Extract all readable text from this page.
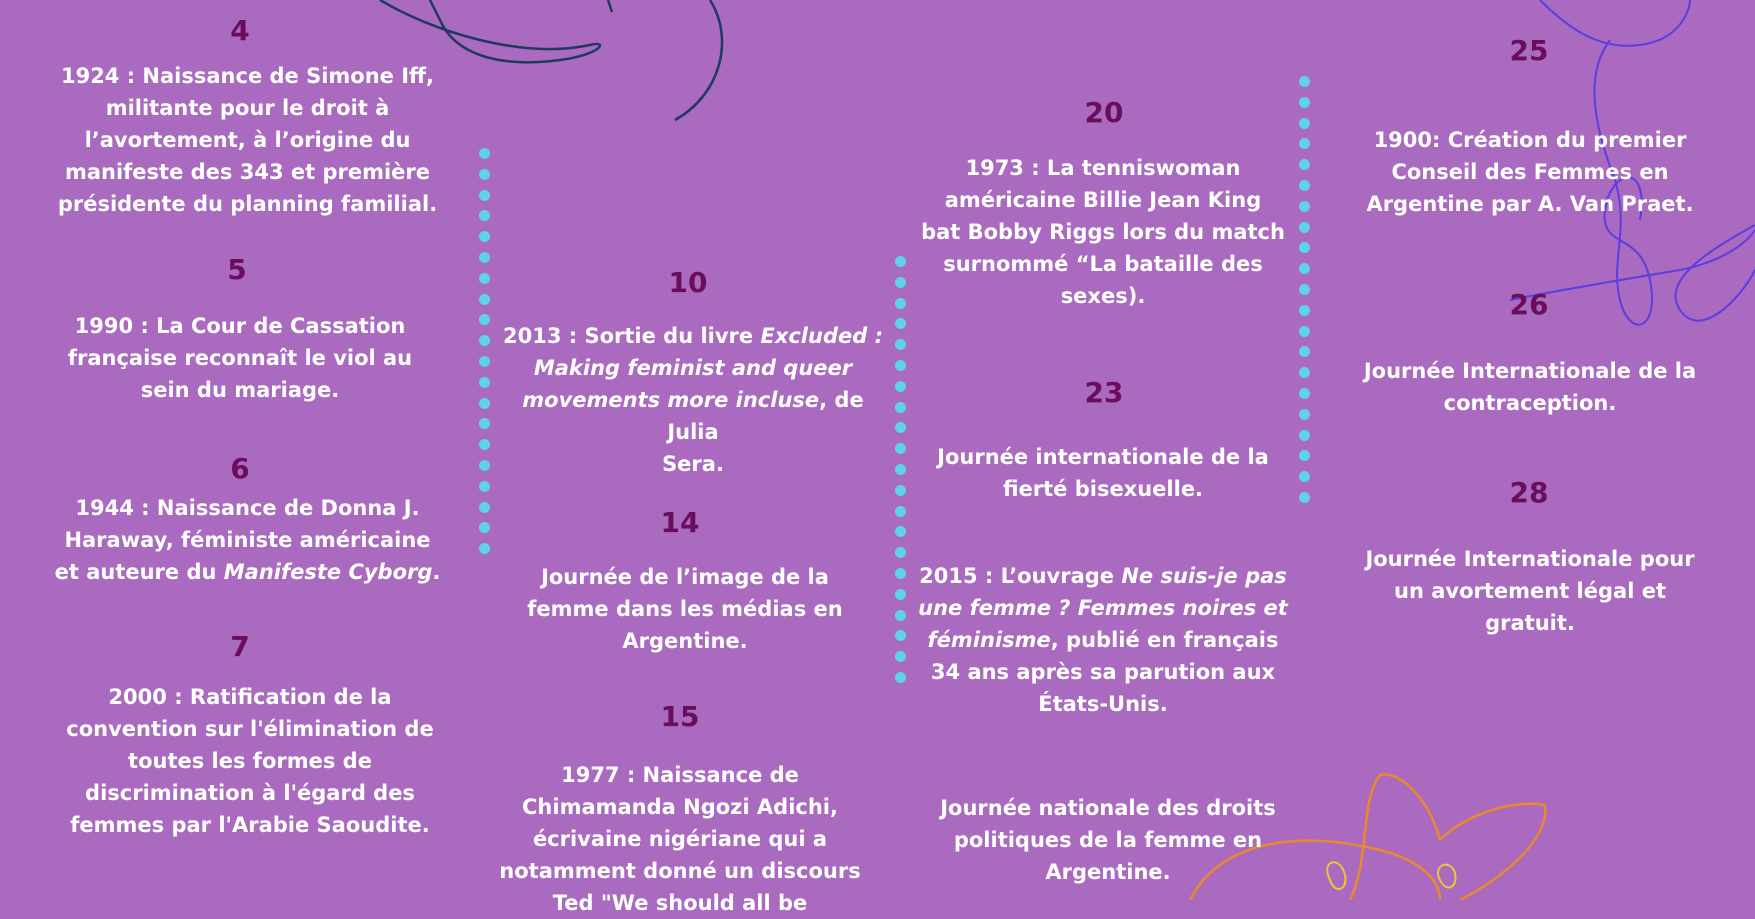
4
1924 : Naissance de Simone Iff,
militante pour le droit à
l’avortement, à l’origine du
manifeste des 343 et première
présidente du planning familial.
5
1990 : La Cour de Cassation
française reconnaît le viol au
sein du mariage.
6
1944 : Naissance de Donna J.
Haraway, féministe américaine
et auteure du Manifeste Cyborg.
7
2000 : Ratification de la
convention sur l'élimination de
toutes les formes de
discrimination à l'égard des
femmes par l'Arabie Saoudite.
10
2013 : Sortie du livre Excluded :
Making feminist and queer
movements more incluse, de Julia
Sera.
14
Journée de l’image de la
femme dans les médias en
Argentine.
15
1977 : Naissance de
Chimamanda Ngozi Adichi,
écrivaine nigériane qui a
notamment donné un discours
Ted "We should all be
20
1973 : La tenniswoman
américaine Billie Jean King
bat Bobby Riggs lors du match
surnommé “La bataille des
sexes).
23
Journée internationale de la
fierté bisexuelle.
2015 : L’ouvrage Ne suis-je pas
une femme ? Femmes noires et
féminisme, publié en français
34 ans après sa parution aux
États-Unis.
Journée nationale des droits
politiques de la femme en
Argentine.
25
1900: Création du premier
Conseil des Femmes en
Argentine par A. Van Praet.
26
Journée Internationale de la
contraception.
28
Journée Internationale pour
un avortement légal et
gratuit.
